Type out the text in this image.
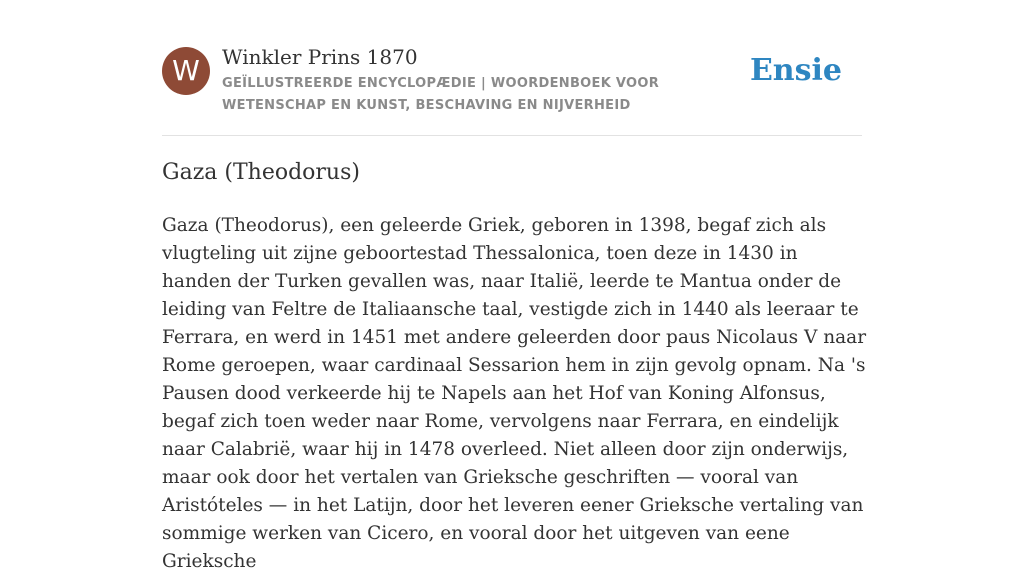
W	Winkler Prins 1870
GEÏLLUSTREERDE ENCYCLOPÆDIE | WOORDENBOEK VOOR WETENSCHAP EN KUNST, BESCHAVING EN NIJVERHEID
Ensie
Gaza (Theodorus)

Gaza (Theodorus), een geleerde Griek, geboren in 1398, begaf zich als vlugteling uit zijne geboortestad Thessalonica, toen deze in 1430 in handen der Turken gevallen was, naar Italië, leerde te Mantua onder de leiding van Feltre de Italiaansche taal, vestigde zich in 1440 als leeraar te Ferrara, en werd in 1451 met andere geleerden door paus Nicolaus V naar Rome geroepen, waar cardinaal Sessarion hem in zijn gevolg opnam. Na 's Pausen dood verkeerde hij te Napels aan het Hof van Koning Alfonsus, begaf zich toen weder naar Rome, vervolgens naar Ferrara, en eindelijk naar Calabrië, waar hij in 1478 overleed. Niet alleen door zijn onderwijs, maar ook door het vertalen van Grieksche geschriften — vooral van Aristóteles — in het Latijn, door het leveren eener Grieksche vertaling van sommige werken van Cicero, en vooral door het uitgeven van eene Grieksche
